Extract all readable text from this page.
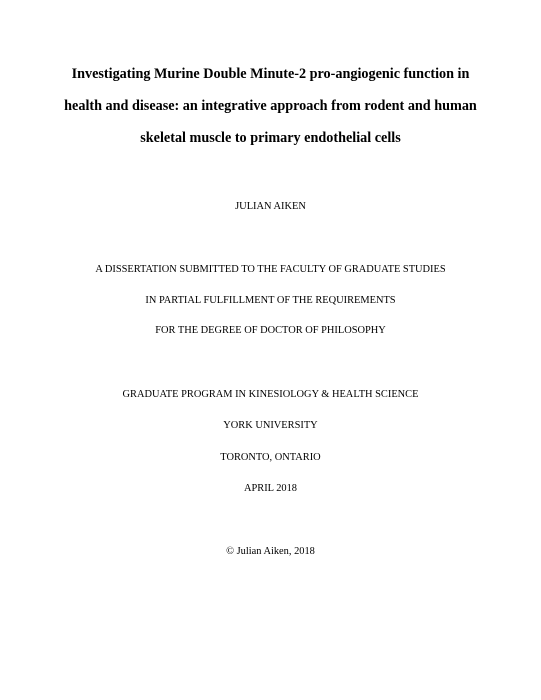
Investigating Murine Double Minute-2 pro-angiogenic function in
health and disease: an integrative approach from rodent and human
skeletal muscle to primary endothelial cells
JULIAN AIKEN
A DISSERTATION SUBMITTED TO THE FACULTY OF GRADUATE STUDIES
IN PARTIAL FULFILLMENT OF THE REQUIREMENTS
FOR THE DEGREE OF DOCTOR OF PHILOSOPHY
GRADUATE PROGRAM IN KINESIOLOGY & HEALTH SCIENCE
YORK UNIVERSITY
TORONTO, ONTARIO
APRIL 2018
© Julian Aiken, 2018
